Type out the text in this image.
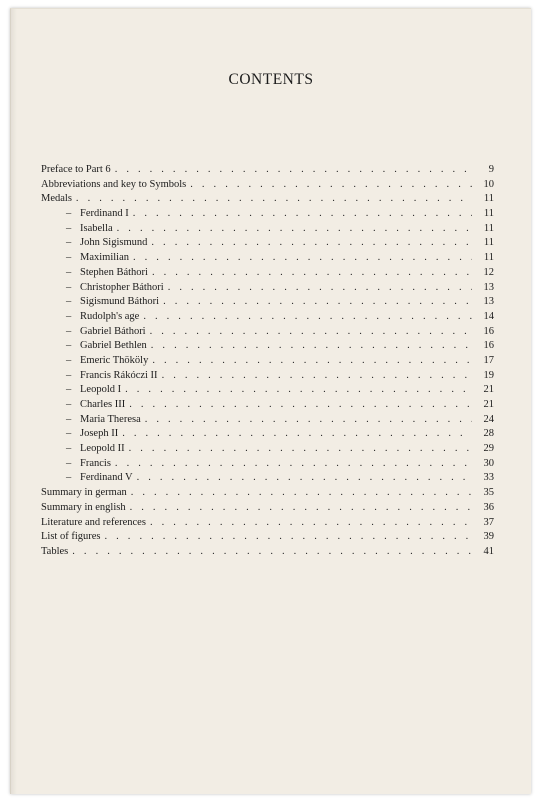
CONTENTS
Preface to Part 6 . . .	9
Abbreviations and key to Symbols . . .	10
Medals . . .	11
– Ferdinand I . . .	11
– Isabella . . .	11
– John Sigismund . . .	11
– Maximilian . . .	11
– Stephen Báthori . . .	12
– Christopher Báthori . . .	13
– Sigismund Báthori . . .	13
– Rudolph's age . . .	14
– Gabriel Báthori . . .	16
– Gabriel Bethlen . . .	16
– Emeric Thököly . . .	17
– Francis Rákóczi II . . .	19
– Leopold I . . .	21
– Charles III . . .	21
– Maria Theresa . . .	24
– Joseph II . . .	28
– Leopold II . . .	29
– Francis . . .	30
– Ferdinand V . . .	33
Summary in german . . .	35
Summary in english . . .	36
Literature and references . . .	37
List of figures . . .	39
Tables . . .	41
